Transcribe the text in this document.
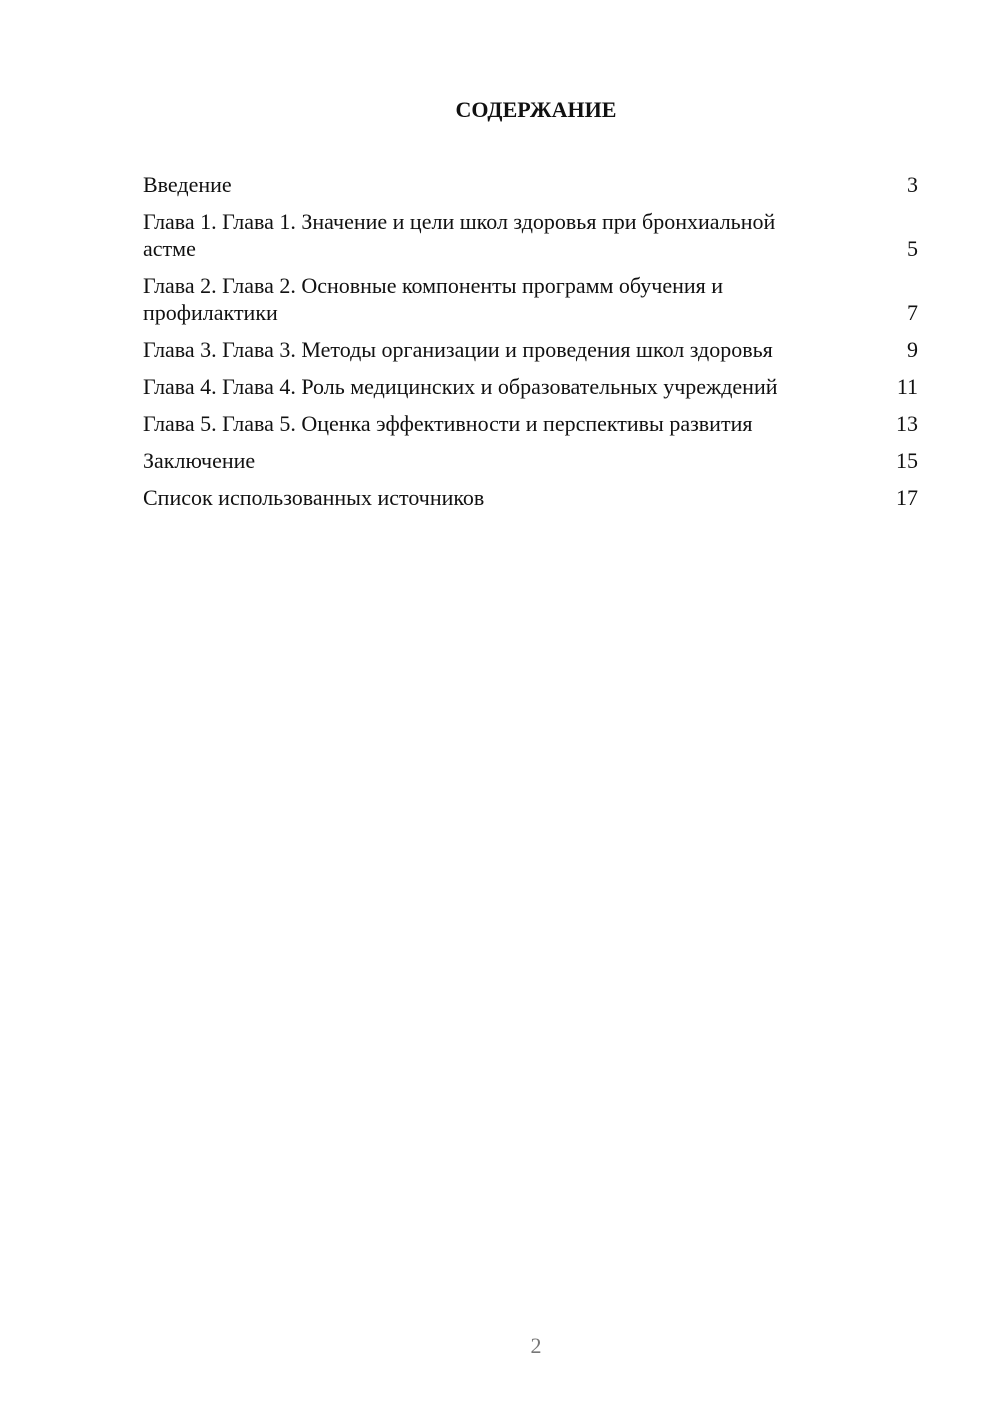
СОДЕРЖАНИЕ
Введение	3
Глава 1. Глава 1. Значение и цели школ здоровья при бронхиальной астме	5
Глава 2. Глава 2. Основные компоненты программ обучения и профилактики	7
Глава 3. Глава 3. Методы организации и проведения школ здоровья	9
Глава 4. Глава 4. Роль медицинских и образовательных учреждений	11
Глава 5. Глава 5. Оценка эффективности и перспективы развития	13
Заключение	15
Список использованных источников	17
2
